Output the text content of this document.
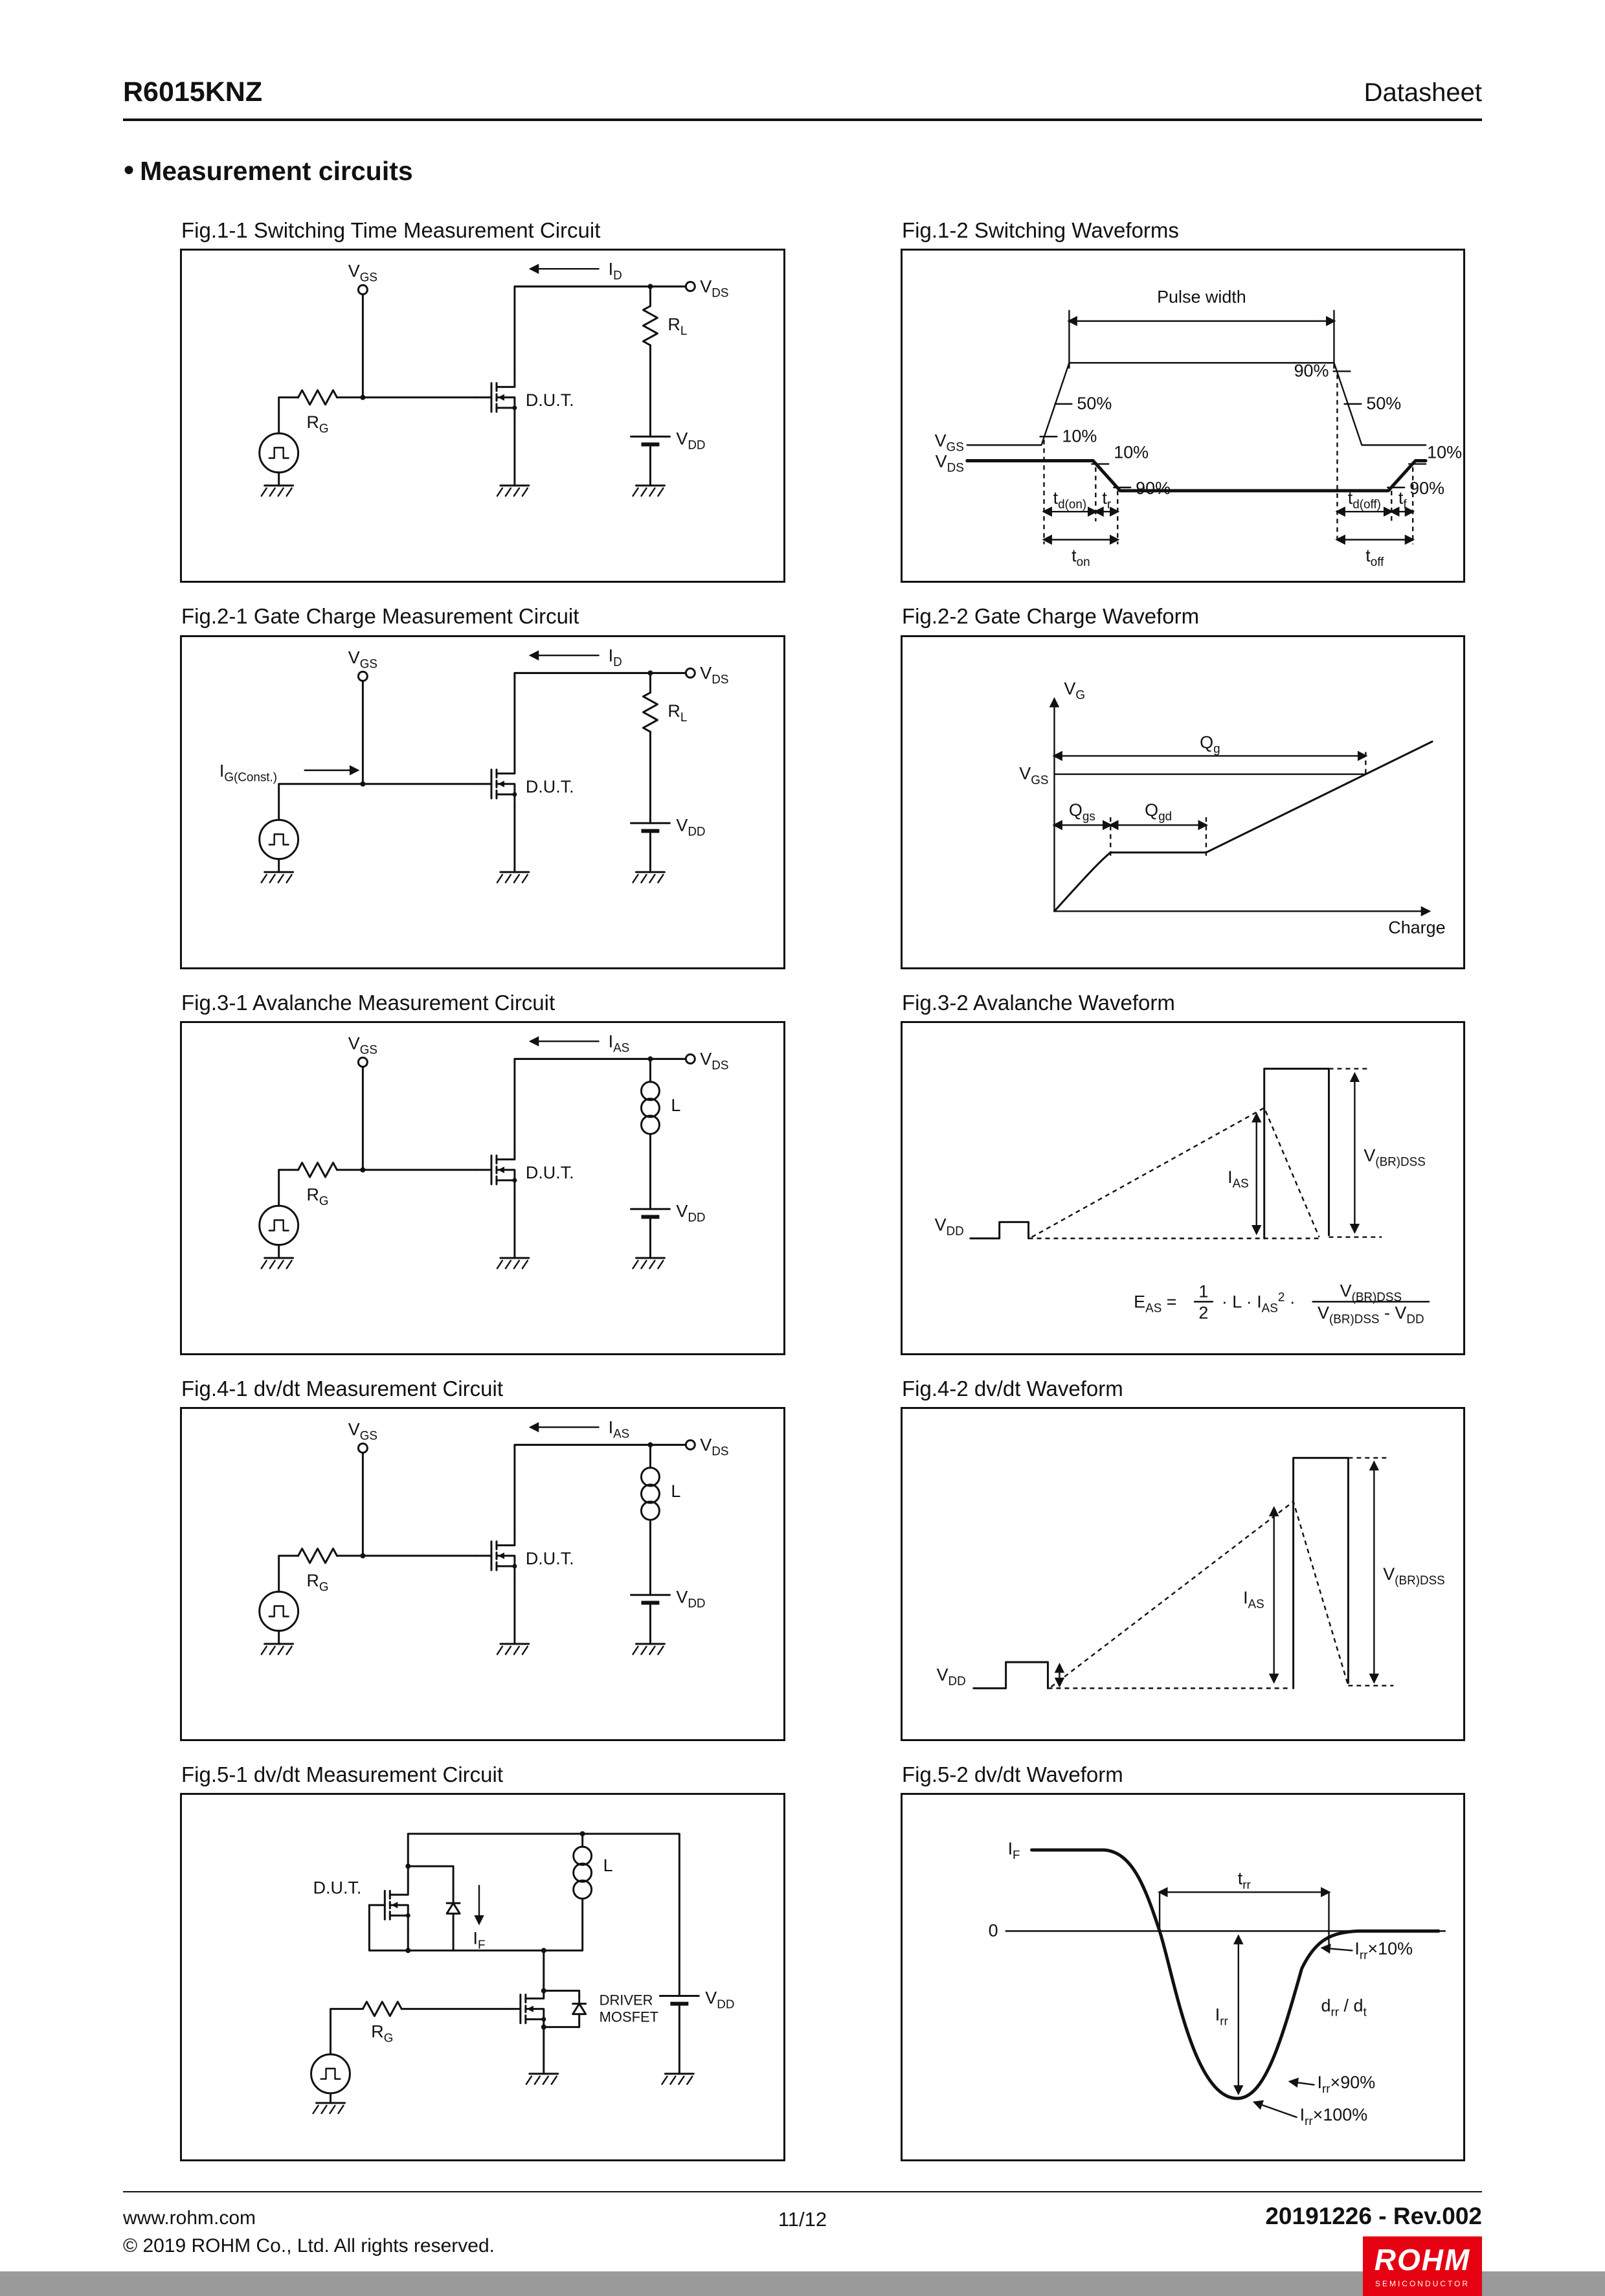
R6015KNZ	Datasheet
● Measurement circuits
Fig.1-1 Switching Time Measurement Circuit
$V_{GS}$	$I_D$
$V_{DS}$
$R_L$
D.U.T.
$V_{DD}$
$R_G$
Fig.1-2 Switching Waveforms
Pulse width
$V_{GS}$
$V_{DS}$
50%
10%
90%
50%
10%
90%	90%
10%
$t_{d(on)}$ $t_r$	$t_{d(off)}$ $t_f$
$t_{on}$	$t_{off}$
Fig.2-1 Gate Charge Measurement Circuit
$V_{GS}$	$I_D$
$V_{DS}$
$R_L$
D.U.T.
$V_{DD}$
$I_{G(Const.)}$
Fig.2-2 Gate Charge Waveform
$V_G$
Charge
$V_{GS}$
$Q_g$
$Q_{gs}$	$Q_{gd}$
Fig.3-1 Avalanche Measurement Circuit
$V_{GS}$	$I_{AS}$
$V_{DS}$
L
D.U.T.
$V_{DD}$
$R_G$
Fig.3-2 Avalanche Waveform
$V_{DD}$
$I_{AS}$
$V_{(BR)DSS}$
$E_{AS}$ =
1
2
· $L \cdot I_{AS}^2$ ·
$V_{(BR)DSS}$
$V_{(BR)DSS} - V_{DD}$
Fig.4-1 dv/dt Measurement Circuit
$V_{GS}$	$I_{AS}$
$V_{DS}$
L
D.U.T.
$V_{DD}$
$R_G$
Fig.4-2 dv/dt Waveform
$V_{DD}$
$I_{AS}$
$V_{(BR)DSS}$
Fig.5-1 dv/dt Measurement Circuit
D.U.T.
$I_F$
L
$V_{DD}$
DRIVER
MOSFET
$R_G$
Fig.5-2 dv/dt Waveform
$I_F$
0
$t_{rr}$
$I_{rr}$
$I_{rr}\times 10\%$
$d_{rr} / d_t$
$I_{rr}\times 90\%$
$I_{rr}\times 100\%$
www.rohm.com	20191226 - Rev.002
11/12
© 2019 ROHM Co., Ltd. All rights reserved.	ROHM
SEMICONDUCTOR
